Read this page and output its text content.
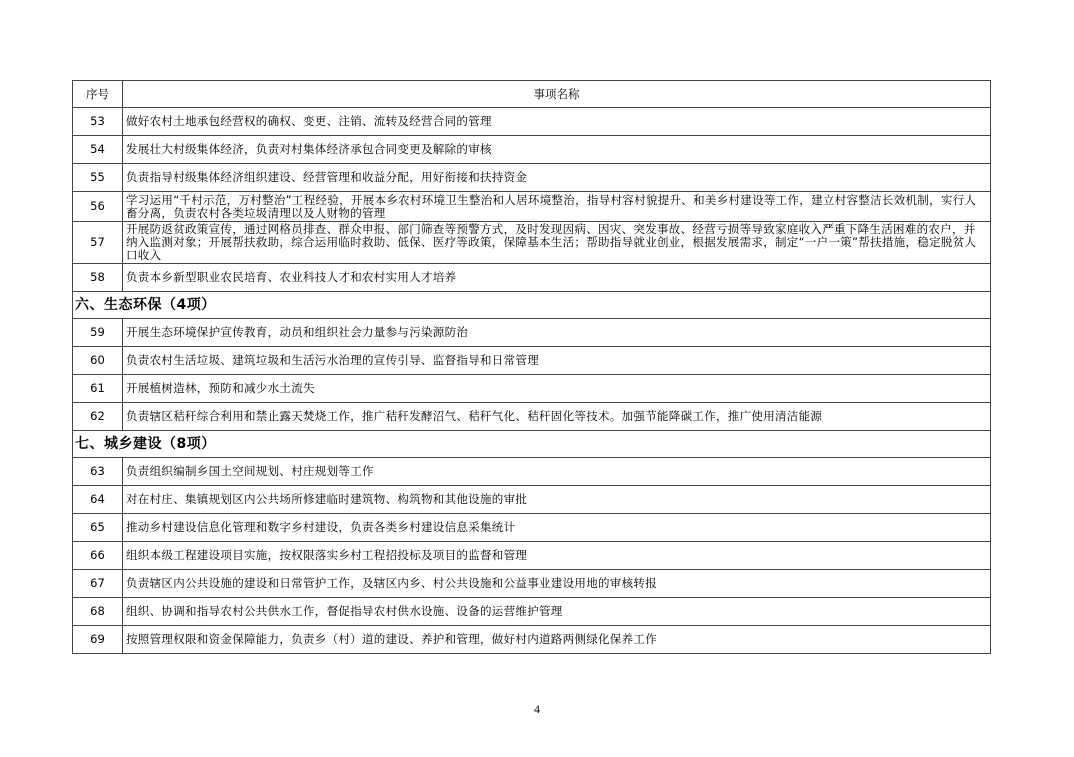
序号	事项名称
53	做好农村土地承包经营权的确权、变更、注销、流转及经营合同的管理
54	发展壮大村级集体经济，负责对村集体经济承包合同变更及解除的审核
55	负责指导村级集体经济组织建设、经营管理和收益分配，用好衔接和扶持资金
56	学习运用“千村示范，万村整治”工程经验，开展本乡农村环境卫生整治和人居环境整治，指导村容村貌提升、和美乡村建设等工作，建立村容整洁长效机制，实行人畜分离，负责农村各类垃圾清理以及人财物的管理
57	开展防返贫政策宣传，通过网格员排查、群众申报、部门筛查等预警方式，及时发现因病、因灾、突发事故、经营亏损等导致家庭收入严重下降生活困难的农户，并纳入监测对象；开展帮扶救助，综合运用临时救助、低保、医疗等政策，保障基本生活；帮助指导就业创业，根据发展需求，制定“一户一策”帮扶措施，稳定脱贫人口收入
58	负责本乡新型职业农民培育、农业科技人才和农村实用人才培养
六、生态环保（4项）	
59	开展生态环境保护宣传教育，动员和组织社会力量参与污染源防治
60	负责农村生活垃圾、建筑垃圾和生活污水治理的宣传引导、监督指导和日常管理
61	开展植树造林，预防和减少水土流失
62	负责辖区秸秆综合利用和禁止露天焚烧工作，推广秸秆发酵沼气、秸秆气化、秸秆固化等技术。加强节能降碳工作，推广使用清洁能源
七、城乡建设（8项）	
63	负责组织编制乡国土空间规划、村庄规划等工作
64	对在村庄、集镇规划区内公共场所修建临时建筑物、构筑物和其他设施的审批
65	推动乡村建设信息化管理和数字乡村建设，负责各类乡村建设信息采集统计
66	组织本级工程建设项目实施，按权限落实乡村工程招投标及项目的监督和管理
67	负责辖区内公共设施的建设和日常管护工作，及辖区内乡、村公共设施和公益事业建设用地的审核转报
68	组织、协调和指导农村公共供水工作，督促指导农村供水设施、设备的运营维护管理
69	按照管理权限和资金保障能力，负责乡（村）道的建设、养护和管理，做好村内道路两侧绿化保养工作
4
